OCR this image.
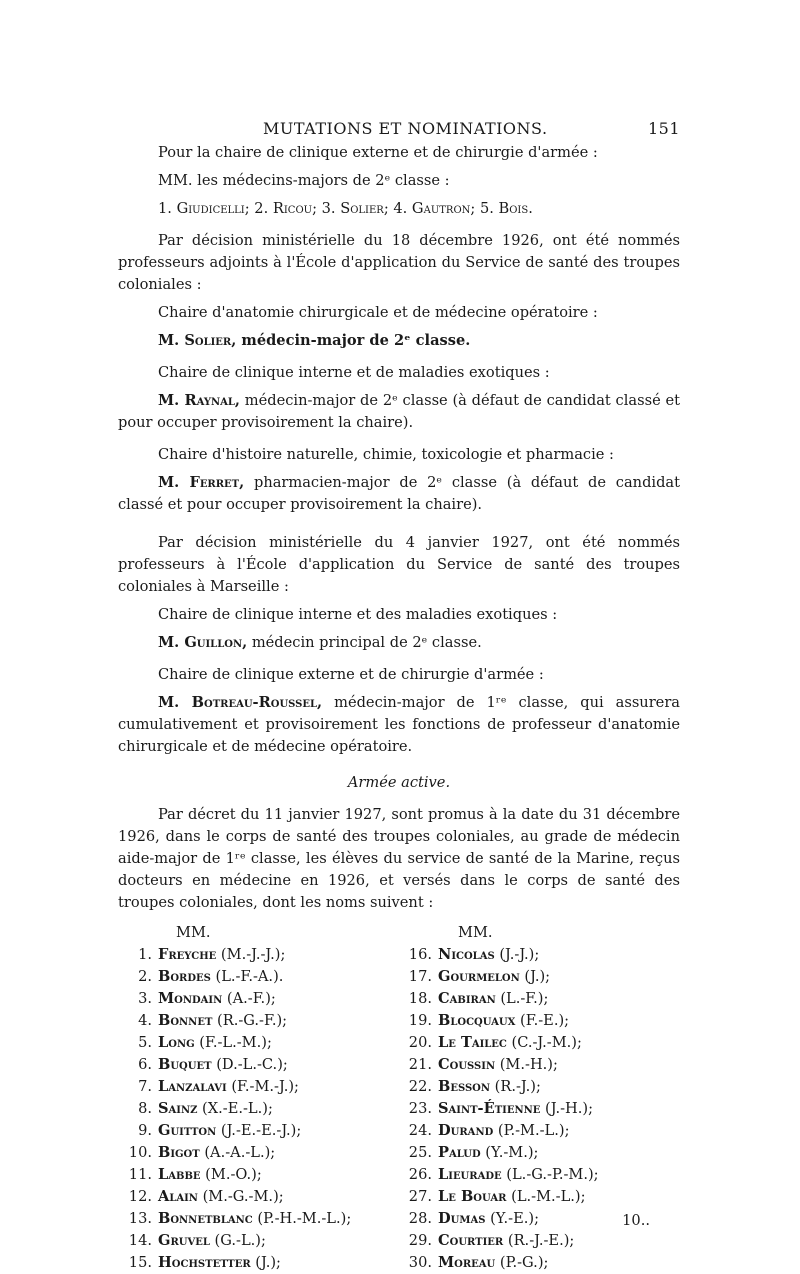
MUTATIONS ET NOMINATIONS.	151

Pour la chaire de clinique externe et de chirurgie d'armée :

MM. les médecins-majors de 2ᵉ classe :

1. Giudicelli; 2. Ricou; 3. Solier; 4. Gautron; 5. Bois.

Par décision ministérielle du 18 décembre 1926, ont été nommés professeurs adjoints à l'École d'application du Service de santé des troupes coloniales :

Chaire d'anatomie chirurgicale et de médecine opératoire :

M. Solier, médecin-major de 2ᵉ classe.

Chaire de clinique interne et de maladies exotiques :

M. Raynal, médecin-major de 2ᵉ classe (à défaut de candidat classé et pour occuper provisoirement la chaire).

Chaire d'histoire naturelle, chimie, toxicologie et pharmacie :

M. Ferret, pharmacien-major de 2ᵉ classe (à défaut de candidat classé et pour occuper provisoirement la chaire).

Par décision ministérielle du 4 janvier 1927, ont été nommés professeurs à l'École d'application du Service de santé des troupes coloniales à Marseille :

Chaire de clinique interne et des maladies exotiques :

M. Guillon, médecin principal de 2ᵉ classe.

Chaire de clinique externe et de chirurgie d'armée :

M. Botreau-Roussel, médecin-major de 1ʳᵉ classe, qui assurera cumulativement et provisoirement les fonctions de professeur d'anatomie chirurgicale et de médecine opératoire.

Armée active.

Par décret du 11 janvier 1927, sont promus à la date du 31 décembre 1926, dans le corps de santé des troupes coloniales, au grade de médecin aide-major de 1ʳᵉ classe, les élèves du service de santé de la Marine, reçus docteurs en médecine en 1926, et versés dans le corps de santé des troupes coloniales, dont les noms suivent :

MM.
1. Freyche (M.-J.-J.);
2. Bordes (L.-F.-A.).
3. Mondain (A.-F.);
4. Bonnet (R.-G.-F.);
5. Long (F.-L.-M.);
6. Buquet (D.-L.-C.);
7. Lanzalavi (F.-M.-J.);
8. Sainz (X.-E.-L.);
9. Guitton (J.-E.-E.-J.);
10. Bigot (A.-A.-L.);
11. Labbe (M.-O.);
12. Alain (M.-G.-M.);
13. Bonnetblanc (P.-H.-M.-L.);
14. Gruvel (G.-L.);
15. Hochstetter (J.);
MM.
16. Nicolas (J.-J.);
17. Gourmelon (J.);
18. Cabiran (L.-F.);
19. Blocquaux (F.-E.);
20. Le Tailec (C.-J.-M.);
21. Coussin (M.-H.);
22. Besson (R.-J.);
23. Saint-Étienne (J.-H.);
24. Durand (P.-M.-L.);
25. Palud (Y.-M.);
26. Lieurade (L.-G.-P.-M.);
27. Le Bouar (L.-M.-L.);
28. Dumas (Y.-E.);
29. Courtier (R.-J.-E.);
30. Moreau (P.-G.);
10..
